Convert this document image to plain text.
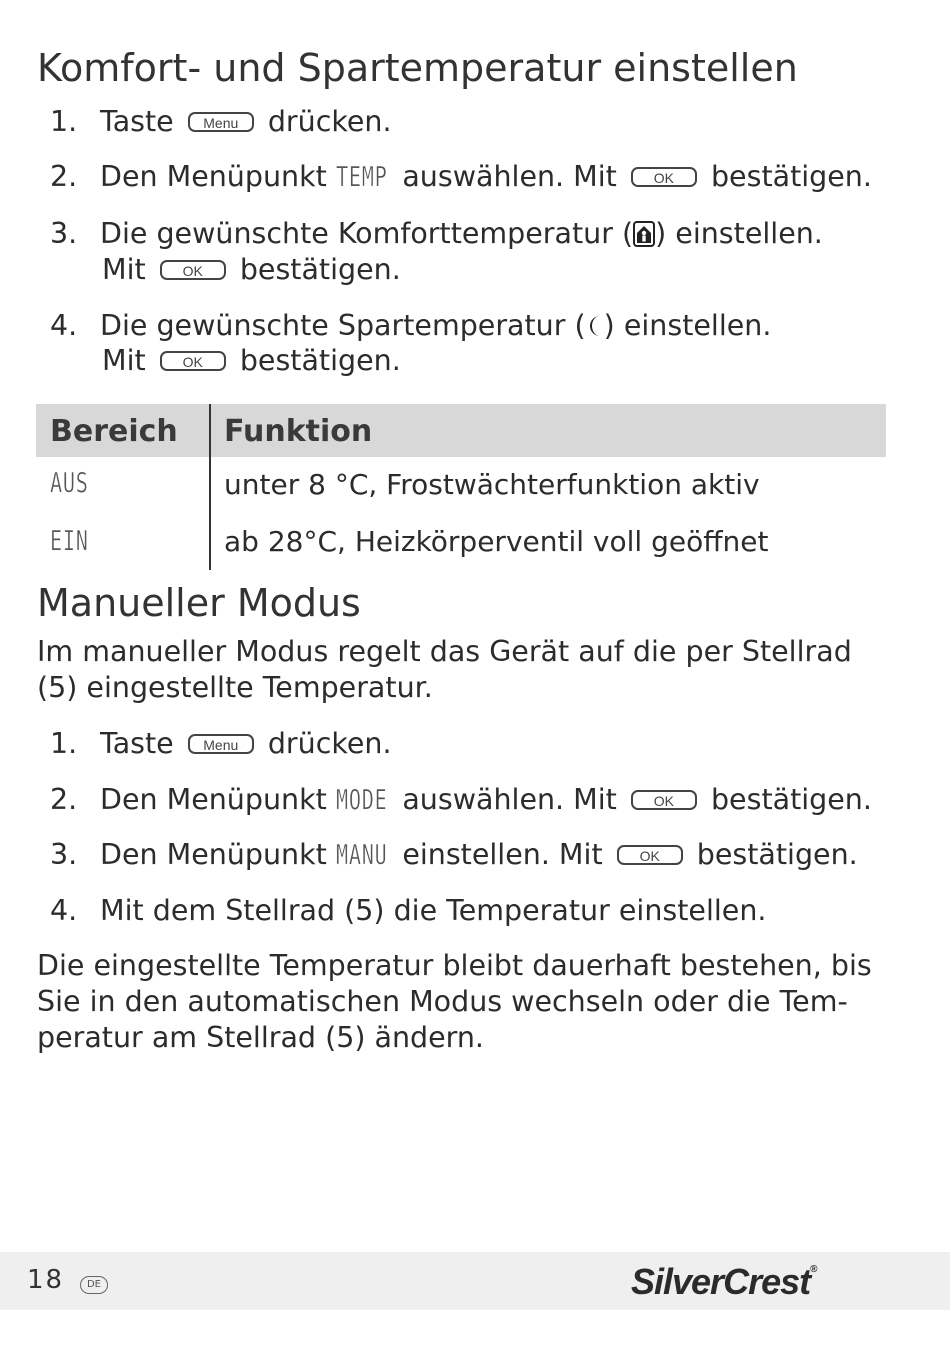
Komfort- und Spartemperatur einstellen
1. Taste Menu drücken.
2. Den Menüpunkt TEMP auswählen. Mit	OK bestätigen.
3. Die gewünschte Komforttemperatur ( ) einstellen.
Mit	OK bestätigen.
4. Die gewünschte Spartemperatur ( ) einstellen.
Mit	OK bestätigen.
Bereich Funktion
AUS	unter 8 °C, Frostwächterfunktion aktiv
EIN	ab 28°C, Heizkörperventil voll geöffnet
Manueller Modus
Im manueller Modus regelt das Gerät auf die per Stellrad
(5) eingestellte Temperatur.
1. Taste Menu drücken.
2. Den Menüpunkt MODE auswählen. Mit	OK bestätigen.
3. Den Menüpunkt MANU einstellen. Mit	OK bestätigen.
4. Mit dem Stellrad (5) die Temperatur einstellen.
Die eingestellte Temperatur bleibt dauerhaft bestehen, bis
Sie in den automatischen Modus wechseln oder die Tem-
peratur am Stellrad (5) ändern.
18	DE	SilverCrest®
